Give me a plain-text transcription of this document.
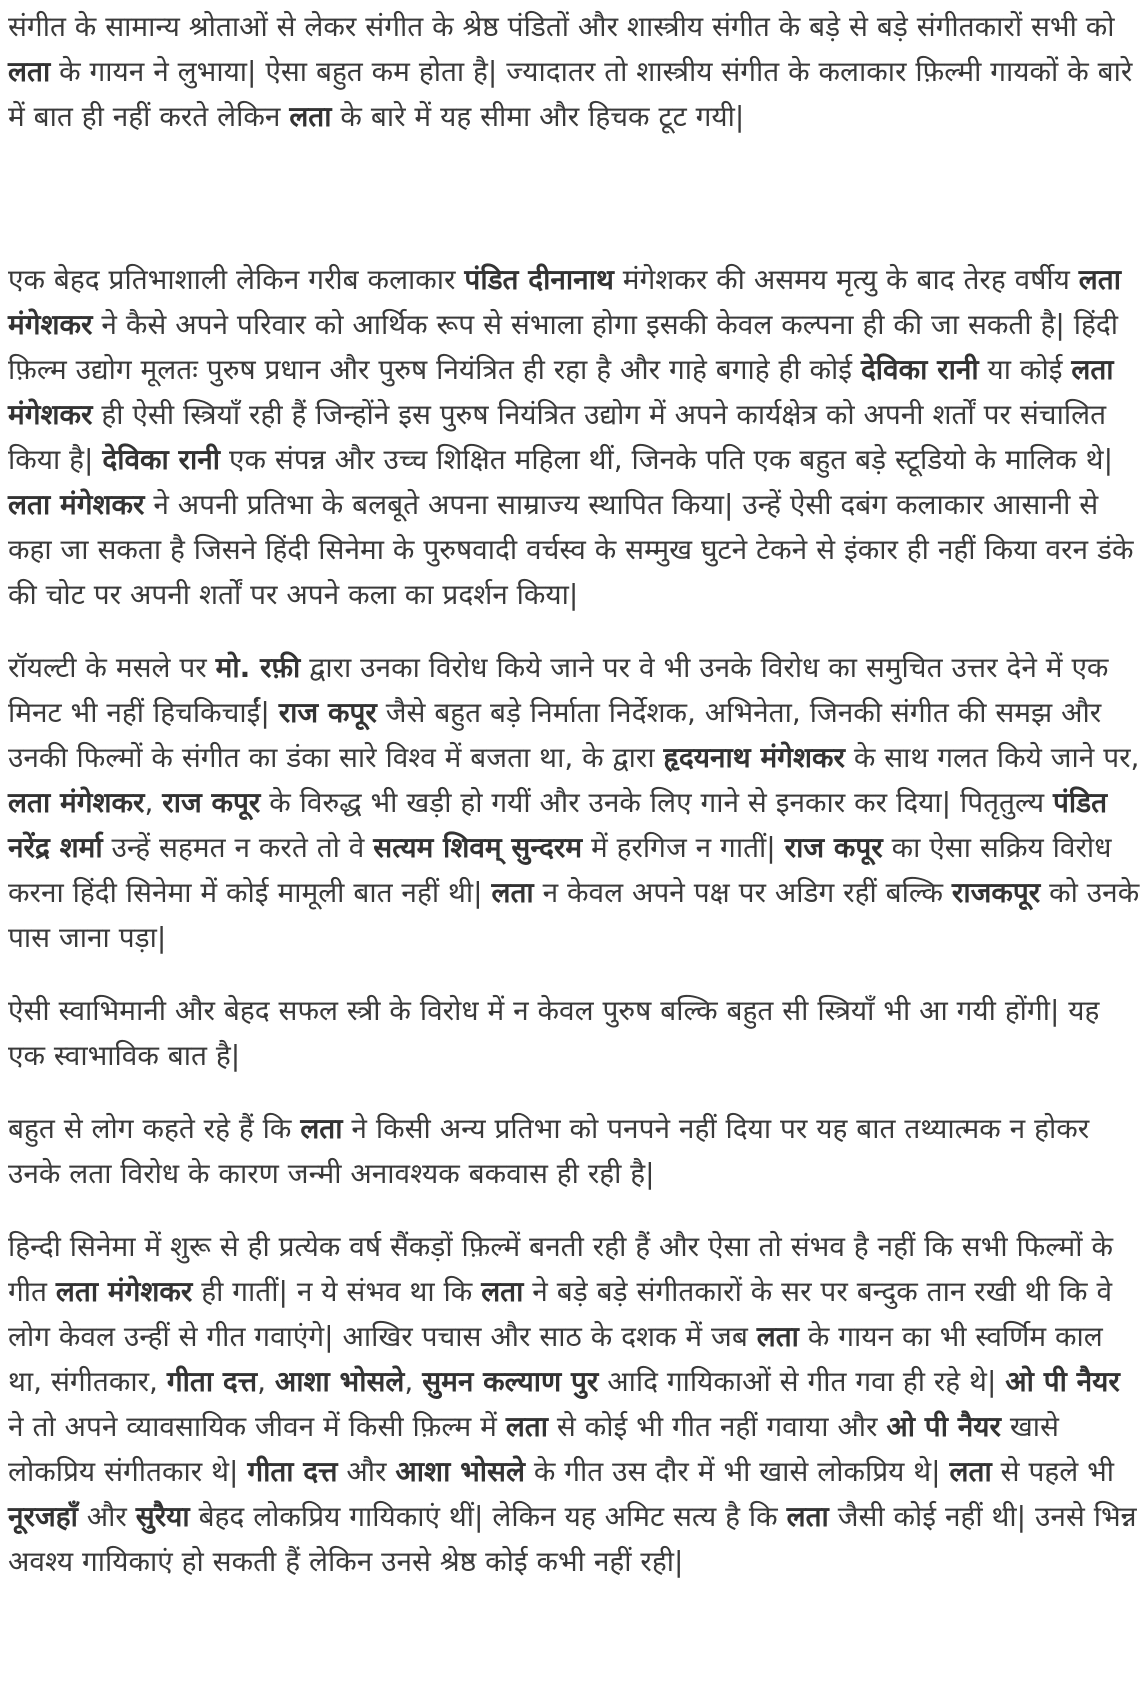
संगीत के सामान्य श्रोताओं से लेकर संगीत के श्रेष्ठ पंडितों और शास्त्रीय संगीत के बड़े से बड़े संगीतकारों सभी को लता के गायन ने लुभाया| ऐसा बहुत कम होता है| ज्यादातर तो शास्त्रीय संगीत के कलाकार फ़िल्मी गायकों के बारे में बात ही नहीं करते लेकिन लता के बारे में यह सीमा और हिचक टूट गयी|

एक बेहद प्रतिभाशाली लेकिन गरीब कलाकार पंडित दीनानाथ मंगेशकर की असमय मृत्यु के बाद तेरह वर्षीय लता मंगेशकर ने कैसे अपने परिवार को आर्थिक रूप से संभाला होगा इसकी केवल कल्पना ही की जा सकती है| हिंदी फ़िल्म उद्योग मूलतः पुरुष प्रधान और पुरुष नियंत्रित ही रहा है और गाहे बगाहे ही कोई देविका रानी या कोई लता मंगेशकर ही ऐसी स्त्रियाँ रही हैं जिन्होंने इस पुरुष नियंत्रित उद्योग में अपने कार्यक्षेत्र को अपनी शर्तों पर संचालित किया है| देविका रानी एक संपन्न और उच्च शिक्षित महिला थीं, जिनके पति एक बहुत बड़े स्टूडियो के मालिक थे| लता मंगेशकर ने अपनी प्रतिभा के बलबूते अपना साम्राज्य स्थापित किया| उन्हें ऐसी दबंग कलाकार आसानी से कहा जा सकता है जिसने हिंदी सिनेमा के पुरुषवादी वर्चस्व के सम्मुख घुटने टेकने से इंकार ही नहीं किया वरन डंके की चोट पर अपनी शर्तों पर अपने कला का प्रदर्शन किया|

रॉयल्टी के मसले पर मो. रफ़ी द्वारा उनका विरोध किये जाने पर वे भी उनके विरोध का समुचित उत्तर देने में एक मिनट भी नहीं हिचकिचाईं| राज कपूर जैसे बहुत बड़े निर्माता निर्देशक, अभिनेता, जिनकी संगीत की समझ और उनकी फिल्मों के संगीत का डंका सारे विश्व में बजता था, के द्वारा हृदयनाथ मंगेशकर के साथ गलत किये जाने पर, लता मंगेशकर, राज कपूर के विरुद्ध भी खड़ी हो गयीं और उनके लिए गाने से इनकार कर दिया| पितृतुल्य पंडित नरेंद्र शर्मा उन्हें सहमत न करते तो वे सत्यम शिवम् सुन्दरम में हरगिज न गातीं| राज कपूर का ऐसा सक्रिय विरोध करना हिंदी सिनेमा में कोई मामूली बात नहीं थी| लता न केवल अपने पक्ष पर अडिग रहीं बल्कि राजकपूर को उनके पास जाना पड़ा|

ऐसी स्वाभिमानी और बेहद सफल स्त्री के विरोध में न केवल पुरुष बल्कि बहुत सी स्त्रियाँ भी आ गयी होंगी| यह एक स्वाभाविक बात है|

बहुत से लोग कहते रहे हैं कि लता ने किसी अन्य प्रतिभा को पनपने नहीं दिया पर यह बात तथ्यात्मक न होकर उनके लता विरोध के कारण जन्मी अनावश्यक बकवास ही रही है|

हिन्दी सिनेमा में शुरू से ही प्रत्येक वर्ष सैंकड़ों फ़िल्में बनती रही हैं और ऐसा तो संभव है नहीं कि सभी फिल्मों के गीत लता मंगेशकर ही गातीं| न ये संभव था कि लता ने बड़े बड़े संगीतकारों के सर पर बन्दुक तान रखी थी कि वे लोग केवल उन्हीं से गीत गवाएंगे| आखिर पचास और साठ के दशक में जब लता के गायन का भी स्वर्णिम काल था, संगीतकार, गीता दत्त, आशा भोसले, सुमन कल्याण पुर आदि गायिकाओं से गीत गवा ही रहे थे| ओ पी नैयर ने तो अपने व्यावसायिक जीवन में किसी फ़िल्म में लता से कोई भी गीत नहीं गवाया और ओ पी नैयर खासे लोकप्रिय संगीतकार थे| गीता दत्त और आशा भोसले के गीत उस दौर में भी खासे लोकप्रिय थे| लता से पहले भी नूरजहाँ और सुरैया बेहद लोकप्रिय गायिकाएं थीं| लेकिन यह अमिट सत्य है कि लता जैसी कोई नहीं थी| उनसे भिन्न अवश्य गायिकाएं हो सकती हैं लेकिन उनसे श्रेष्ठ कोई कभी नहीं रही|
